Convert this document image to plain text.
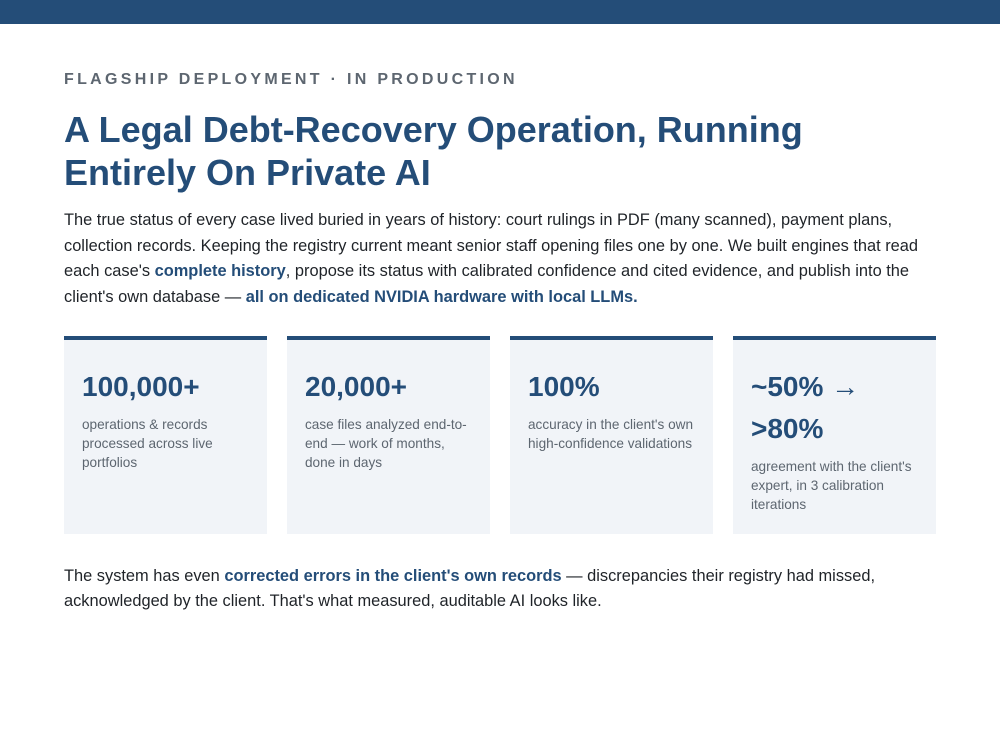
FLAGSHIP DEPLOYMENT · IN PRODUCTION
A Legal Debt-Recovery Operation, Running Entirely On Private AI

The true status of every case lived buried in years of history: court rulings in PDF (many scanned), payment plans, collection records. Keeping the registry current meant senior staff opening files one by one. We built engines that read each case's complete history, propose its status with calibrated confidence and cited evidence, and publish into the client's own database — all on dedicated NVIDIA hardware with local LLMs.

100,000+
operations & records processed across live portfolios
20,000+
case files analyzed end-to-end — work of months, done in days
100%
accuracy in the client's own high-confidence validations
~50% → >80%
agreement with the client's expert, in 3 calibration iterations

The system has even corrected errors in the client's own records — discrepancies their registry had missed, acknowledged by the client. That's what measured, auditable AI looks like.
